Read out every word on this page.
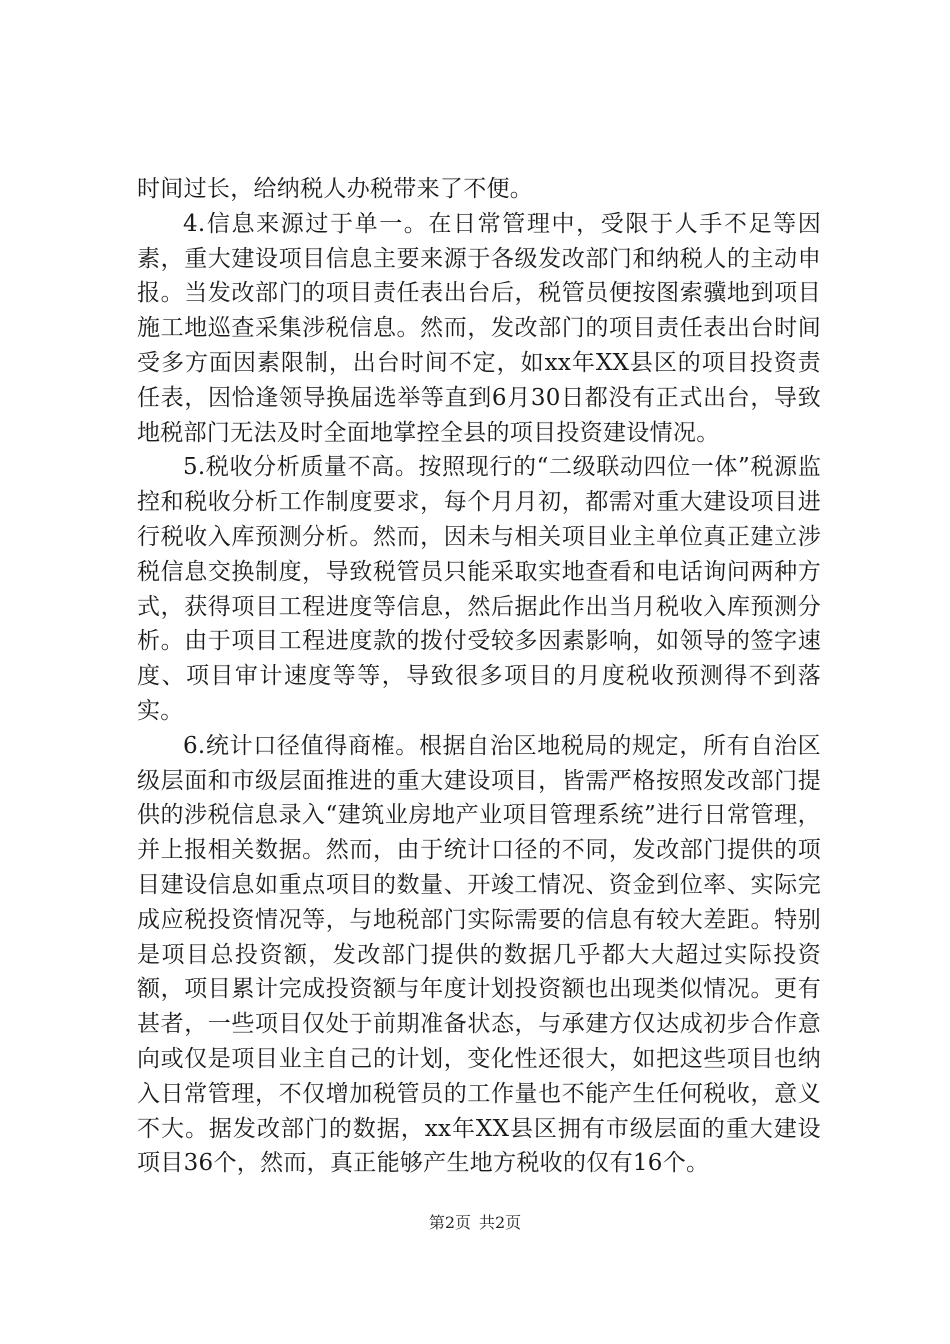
时间过长，给纳税人办税带来了不便。

4.信息来源过于单一。在日常管理中，受限于人手不足等因素，重大建设项目信息主要来源于各级发改部门和纳税人的主动申报。当发改部门的项目责任表出台后，税管员便按图索骥地到项目施工地巡查采集涉税信息。然而，发改部门的项目责任表出台时间受多方面因素限制，出台时间不定，如xx年XX县区的项目投资责任表，因恰逢领导换届选举等直到6月30日都没有正式出台，导致地税部门无法及时全面地掌控全县的项目投资建设情况。

5.税收分析质量不高。按照现行的“二级联动四位一体”税源监控和税收分析工作制度要求，每个月月初，都需对重大建设项目进行税收入库预测分析。然而，因未与相关项目业主单位真正建立涉税信息交换制度，导致税管员只能采取实地查看和电话询问两种方式，获得项目工程进度等信息，然后据此作出当月税收入库预测分析。由于项目工程进度款的拨付受较多因素影响，如领导的签字速度、项目审计速度等等，导致很多项目的月度税收预测得不到落实。

6.统计口径值得商榷。根据自治区地税局的规定，所有自治区级层面和市级层面推进的重大建设项目，皆需严格按照发改部门提供的涉税信息录入“建筑业房地产业项目管理系统”进行日常管理，并上报相关数据。然而，由于统计口径的不同，发改部门提供的项目建设信息如重点项目的数量、开竣工情况、资金到位率、实际完成应税投资情况等，与地税部门实际需要的信息有较大差距。特别是项目总投资额，发改部门提供的数据几乎都大大超过实际投资额，项目累计完成投资额与年度计划投资额也出现类似情况。更有甚者，一些项目仅处于前期准备状态，与承建方仅达成初步合作意向或仅是项目业主自己的计划，变化性还很大，如把这些项目也纳入日常管理，不仅增加税管员的工作量也不能产生任何税收，意义不大。据发改部门的数据，xx年XX县区拥有市级层面的重大建设项目36个，然而，真正能够产生地方税收的仅有16个。

第2页 共2页
